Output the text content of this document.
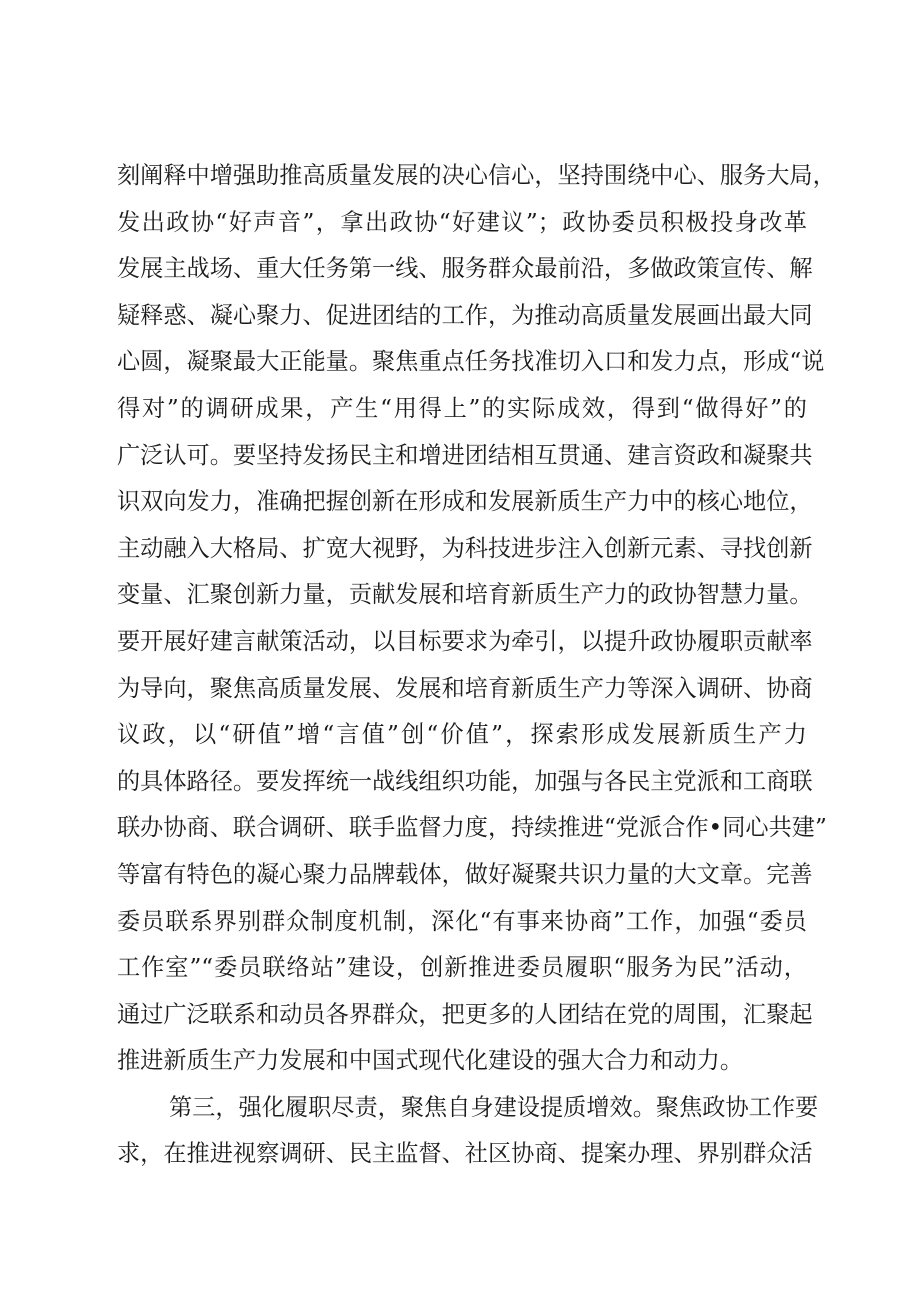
刻阐释中增强助推高质量发展的决心信心，坚持围绕中心、服务大局，
发出政协“好声音”，拿出政协“好建议”；政协委员积极投身改革
发展主战场、重大任务第一线、服务群众最前沿，多做政策宣传、解
疑释惑、凝心聚力、促进团结的工作，为推动高质量发展画出最大同
心圆，凝聚最大正能量。聚焦重点任务找准切入口和发力点，形成“说
得对”的调研成果，产生“用得上”的实际成效，得到“做得好”的
广泛认可。要坚持发扬民主和增进团结相互贯通、建言资政和凝聚共
识双向发力，准确把握创新在形成和发展新质生产力中的核心地位，
主动融入大格局、扩宽大视野，为科技进步注入创新元素、寻找创新
变量、汇聚创新力量，贡献发展和培育新质生产力的政协智慧力量。
要开展好建言献策活动，以目标要求为牵引，以提升政协履职贡献率
为导向，聚焦高质量发展、发展和培育新质生产力等深入调研、协商
议政，以“研值”增“言值”创“价值”，探索形成发展新质生产力
的具体路径。要发挥统一战线组织功能，加强与各民主党派和工商联
联办协商、联合调研、联手监督力度，持续推进“党派合作•同心共建”
等富有特色的凝心聚力品牌载体，做好凝聚共识力量的大文章。完善
委员联系界别群众制度机制，深化“有事来协商”工作，加强“委员
工作室”“委员联络站”建设，创新推进委员履职“服务为民”活动，
通过广泛联系和动员各界群众，把更多的人团结在党的周围，汇聚起
推进新质生产力发展和中国式现代化建设的强大合力和动力。
第三，强化履职尽责，聚焦自身建设提质增效。聚焦政协工作要
求，在推进视察调研、民主监督、社区协商、提案办理、界别群众活
